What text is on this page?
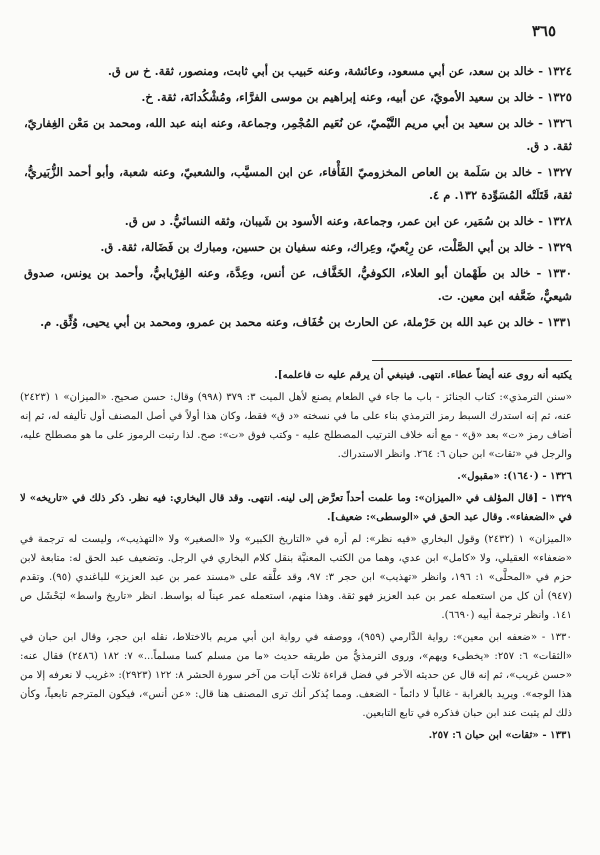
٣٦٥

١٣٢٤ - خالد بن سعد، عن أبي مسعود، وعائشة، وعنه حَبيب بن أبي ثابت، ومنصور، ثقة. خ س ق.

١٣٢٥ - خالد بن سعيد الأمويّ، عن أبيه، وعنه إبراهيم بن موسى الفرَّاء، ومُشْكُدانَة، ثقة. خ.

١٣٢٦ - خالد بن سعيد بن أبي مريم التَّيْميّ، عن نُعَيم المُجْمِر، وجماعة، وعنه ابنه عبد الله، ومحمد بن مَعْن الغِفاريّ، ثقة. د ق.

١٣٢٧ - خالد بن سَلَمة بن العاص المخزوميّ الفَأْفاء، عن ابن المسيَّب، والشعبيّ، وعنه شعبة، وأبو أحمد الزُّبَيريُّ، ثقة، قَتَلَتْه المُسَوِّدة ١٣٢. م ٤.

١٣٢٨ - خالد بن سُمَير، عن ابن عمر، وجماعة، وعنه الأسود بن شَيبان، وثقه النسائيُّ. د س ق.

١٣٢٩ - خالد بن أبي الصَّلْت، عن رِبْعيّ، وعِراك، وعنه سفيان بن حسين، ومبارك بن فَضَالة، ثقة. ق.

١٣٣٠ - خالد بن طَهْمان أبو العلاء، الكوفيُّ، الخَفَّاف، عن أنس، وعِدَّة، وعنه الفِرْيابيُّ، وأحمد بن يونس، صدوق شيعيٌّ، ضَعَّفه ابن معين. ت.

١٣٣١ - خالد بن عبد الله بن حَرْملة، عن الحارث بن خُفَاف، وعنه محمد بن عمرو، ومحمد بن أبي يحيى، وُثِّق. م.

يكتبه أنه روى عنه أيضاً عطاء. انتهى. فينبغي أن يرقم عليه ت فاعلمه].

«سنن الترمذي»: كتاب الجنائز - باب ما جاء في الطعام يصنع لأهل الميت ٣: ٣٧٩ (٩٩٨) وقال: حسن صحيح. «الميزان» ١ (٢٤٢٣) عنه، ثم إنه استدرك السبط رمز الترمذي بناء على ما في نسخته «د ق» فقط، وكان هذا أولاً في أصل المصنف أول تأليفه له، ثم إنه أضاف رمز «ت» بعد «ق» - مع أنه خلاف الترتيب المصطلح عليه - وكتب فوق «ت»: صح. لذا رتبت الرموز على ما هو مصطلح عليه، والرجل في «ثقات» ابن حبان ٦: ٢٦٤. وانظر الاستدراك.

١٣٢٦ - (١٦٤٠): «مقبول».

١٣٢٩ - [قال المؤلف في «الميزان»: وما علمت أحداً تعرَّض إلى لينه. انتهى. وقد قال البخاري: فيه نظر. ذكر ذلك في «تاريخه» لا في «الضعفاء». وقال عبد الحق في «الوسطى»: ضعيف].

«الميزان» ١ (٢٤٣٢) وقول البخاري «فيه نظر»: لم أره في «التاريخ الكبير» ولا «الصغير» ولا «التهذيب»، وليست له ترجمة في «ضعفاء» العقيلي، ولا «كامل» ابن عدي، وهما من الكتب المعنيَّة بنقل كلام البخاري في الرجل. وتضعيف عبد الحق له: متابعة لابن حزم في «المحلَّى» ١: ١٩٦، وانظر «تهذيب» ابن حجر ٣: ٩٧، وقد علَّقه على «مسند عمر بن عبد العزيز» للباغندي (٩٥). وتقدم (٩٤٧) أن كل من استعمله عمر بن عبد العزيز فهو ثقة. وهذا منهم، استعمله عمر عيناً له بواسط. انظر «تاريخ واسط» لبَحْشَل ص ١٤١. وانظر ترجمة أبيه (٦٦٩٠).

١٣٣٠ - «ضعفه ابن معين»: رواية الدَّارمي (٩٥٩)، ووصفه في رواية ابن أبي مريم بالاختلاط، نقله ابن حجر، وقال ابن حبان في «الثقات» ٦: ٢٥٧: «يخطىء ويهم»، وروى الترمذيُّ من طريقه حديث «ما من مسلم كسا مسلماً...» ٧: ١٨٢ (٢٤٨٦) فقال عنه: «حسن غريب»، ثم إنه قال عن حديثه الآخر في فضل قراءة ثلاث آيات من آخر سورة الحشر ٨: ١٢٢ (٢٩٢٣): «غريب لا نعرفه إلا من هذا الوجه». ويريد بالغرابة - غالباً لا دائماً - الضعف. ومما يُذكر أنك ترى المصنف هنا قال: «عن أنس»، فيكون المترجم تابعياً، وكأن ذلك لم يثبت عند ابن حبان فذكره في تابع التابعين.

١٣٣١ - «ثقات» ابن حبان ٦: ٢٥٧.
